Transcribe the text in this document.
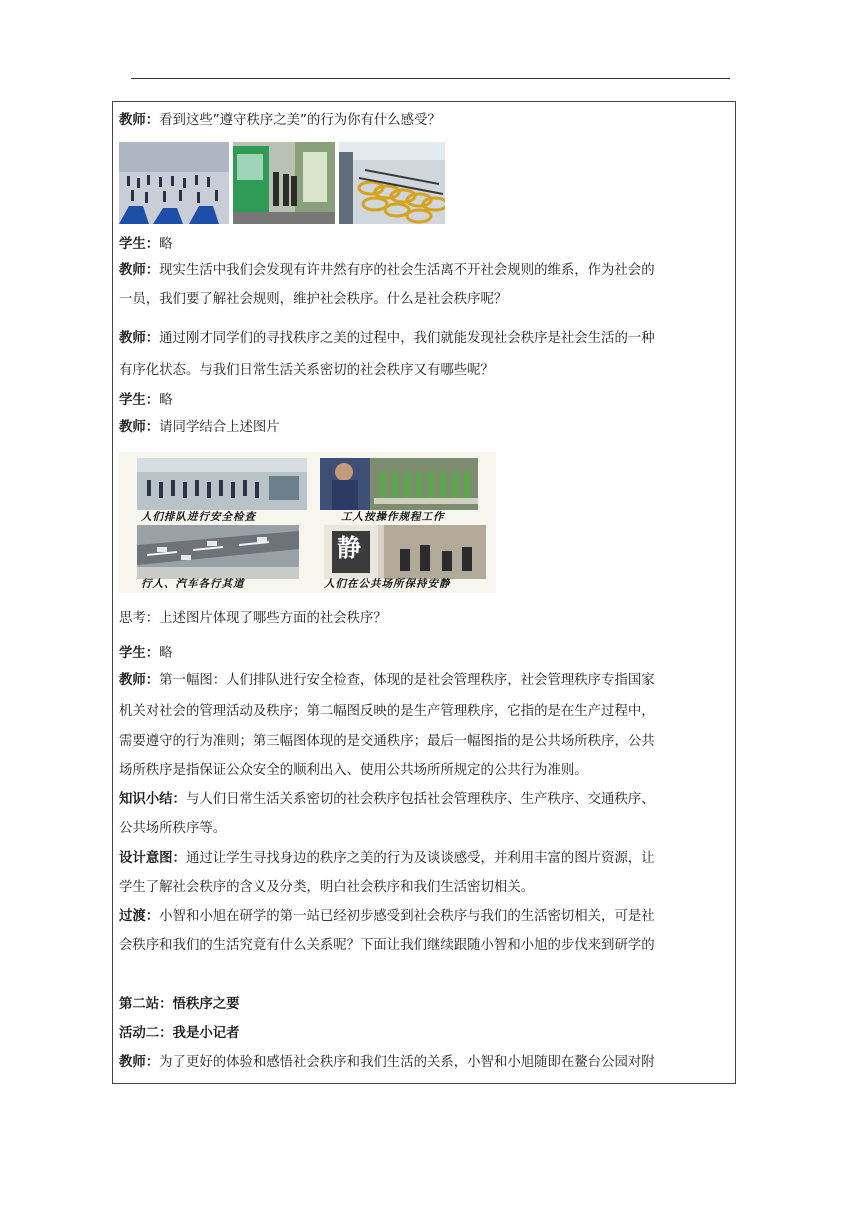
人们排队进行安全检查	工人按操作规程工作
行人、汽车各行其道
静
人们在公共场所保持安静
教师：看到这些”遵守秩序之美”的行为你有什么感受？
学生：略
教师：现实生活中我们会发现有许井然有序的社会生活离不开社会规则的维系，作为社会的
一员，我们要了解社会规则，维护社会秩序。什么是社会秩序呢？
教师：通过刚才同学们的寻找秩序之美的过程中，我们就能发现社会秩序是社会生活的一种
有序化状态。与我们日常生活关系密切的社会秩序又有哪些呢？
学生：略
教师：请同学结合上述图片
思考：上述图片体现了哪些方面的社会秩序？
学生：略
教师：第一幅图：人们排队进行安全检查，体现的是社会管理秩序，社会管理秩序专指国家
机关对社会的管理活动及秩序；第二幅图反映的是生产管理秩序，它指的是在生产过程中，
需要遵守的行为准则；第三幅图体现的是交通秩序；最后一幅图指的是公共场所秩序，公共
场所秩序是指保证公众安全的顺利出入、使用公共场所所规定的公共行为准则。
知识小结：与人们日常生活关系密切的社会秩序包括社会管理秩序、生产秩序、交通秩序、
公共场所秩序等。
设计意图：通过让学生寻找身边的秩序之美的行为及谈谈感受，并利用丰富的图片资源，让
学生了解社会秩序的含义及分类，明白社会秩序和我们生活密切相关。
过渡：小智和小旭在研学的第一站已经初步感受到社会秩序与我们的生活密切相关，可是社
会秩序和我们的生活究竟有什么关系呢？下面让我们继续跟随小智和小旭的步伐来到研学的
第二站：悟秩序之要
活动二：我是小记者
教师：为了更好的体验和感悟社会秩序和我们生活的关系，小智和小旭随即在鳌台公园对附
